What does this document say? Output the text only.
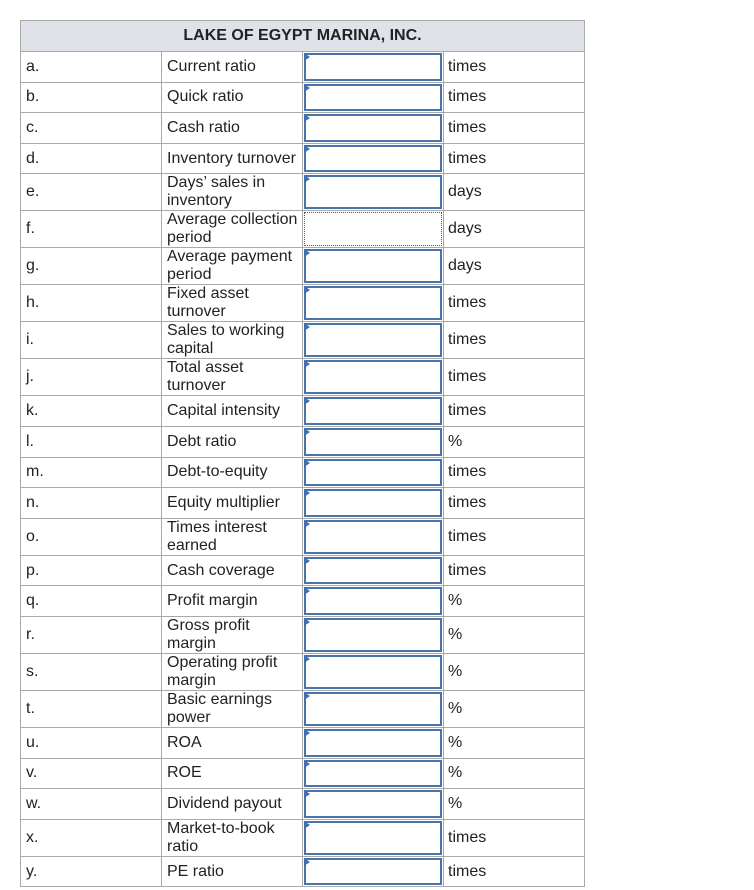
LAKE OF EGYPT MARINA, INC.			
a.	Current ratio		times
b.	Quick ratio		times
c.	Cash ratio		times
d.	Inventory turnover		times
e.	Days’ sales in inventory		days
f.	Average collection period		days
g.	Average payment period		days
h.	Fixed asset turnover		times
i.	Sales to working capital		times
j.	Total asset turnover		times
k.	Capital intensity		times
l.	Debt ratio		%
m.	Debt-to-equity		times
n.	Equity multiplier		times
o.	Times interest earned		times
p.	Cash coverage		times
q.	Profit margin		%
r.	Gross profit margin		%
s.	Operating profit margin		%
t.	Basic earnings power		%
u.	ROA		%
v.	ROE		%
w.	Dividend payout		%
x.	Market-to-book ratio		times
y.	PE ratio		times
